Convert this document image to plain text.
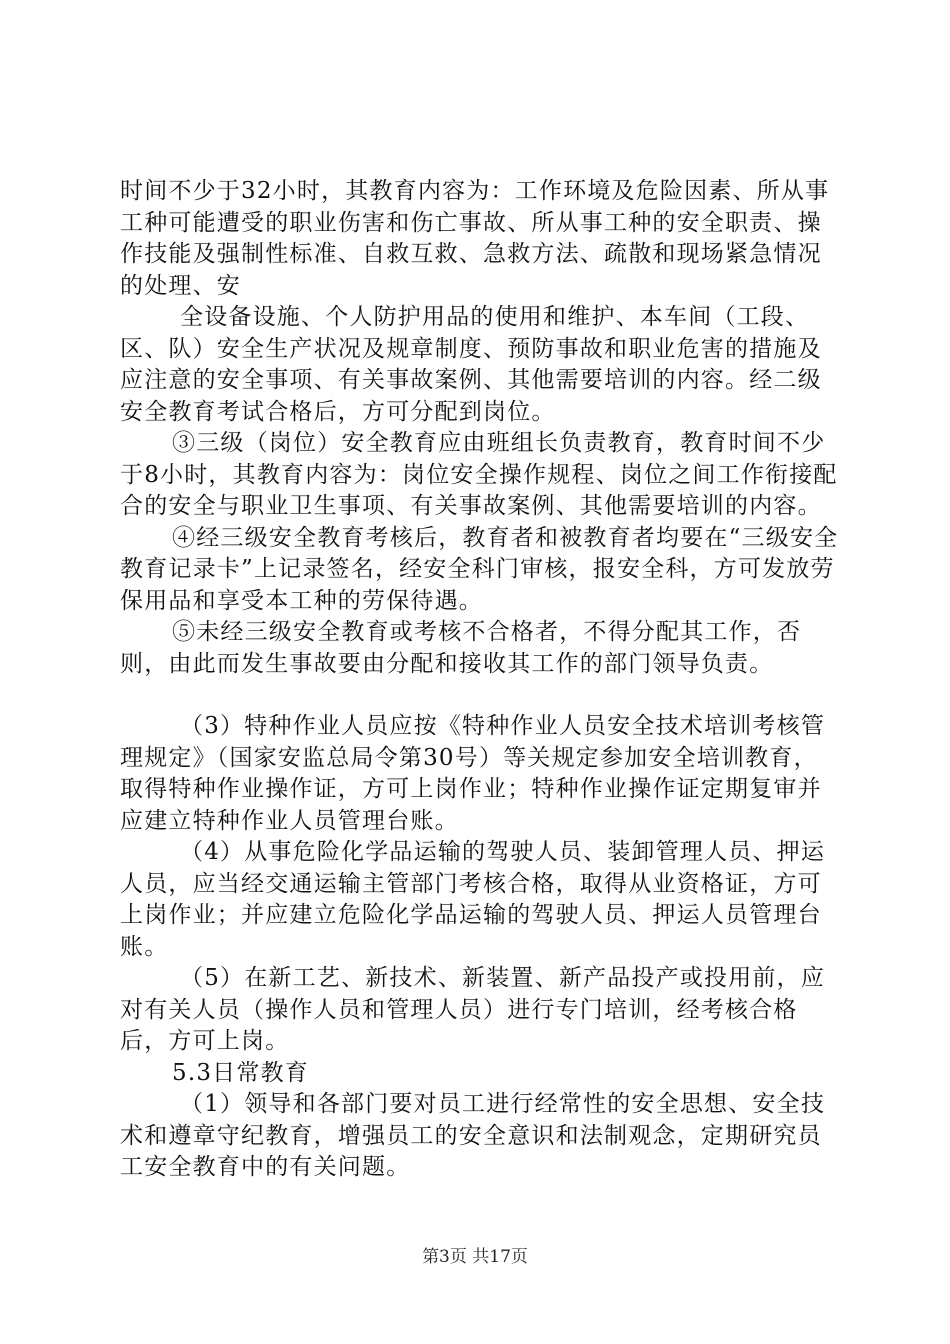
时间不少于32小时，其教育内容为：工作环境及危险因素、所从事工种可能遭受的职业伤害和伤亡事故、所从事工种的安全职责、操作技能及强制性标准、自救互救、急救方法、疏散和现场紧急情况的处理、安

全设备设施、个人防护用品的使用和维护、本车间（工段、区、队）安全生产状况及规章制度、预防事故和职业危害的措施及应注意的安全事项、有关事故案例、其他需要培训的内容。经二级安全教育考试合格后，方可分配到岗位。

③三级（岗位）安全教育应由班组长负责教育，教育时间不少于8小时，其教育内容为：岗位安全操作规程、岗位之间工作衔接配合的安全与职业卫生事项、有关事故案例、其他需要培训的内容。

④经三级安全教育考核后，教育者和被教育者均要在“三级安全教育记录卡”上记录签名，经安全科门审核，报安全科，方可发放劳保用品和享受本工种的劳保待遇。

⑤未经三级安全教育或考核不合格者，不得分配其工作，否则，由此而发生事故要由分配和接收其工作的部门领导负责。

（3）特种作业人员应按《特种作业人员安全技术培训考核管理规定》（国家安监总局令第30号）等关规定参加安全培训教育，取得特种作业操作证，方可上岗作业；特种作业操作证定期复审并应建立特种作业人员管理台账。

（4）从事危险化学品运输的驾驶人员、装卸管理人员、押运人员，应当经交通运输主管部门考核合格，取得从业资格证，方可上岗作业；并应建立危险化学品运输的驾驶人员、押运人员管理台账。

（5）在新工艺、新技术、新装置、新产品投产或投用前，应对有关人员（操作人员和管理人员）进行专门培训，经考核合格后，方可上岗。

5.3日常教育

（1）领导和各部门要对员工进行经常性的安全思想、安全技术和遵章守纪教育，增强员工的安全意识和法制观念，定期研究员工安全教育中的有关问题。

第3页 共17页
